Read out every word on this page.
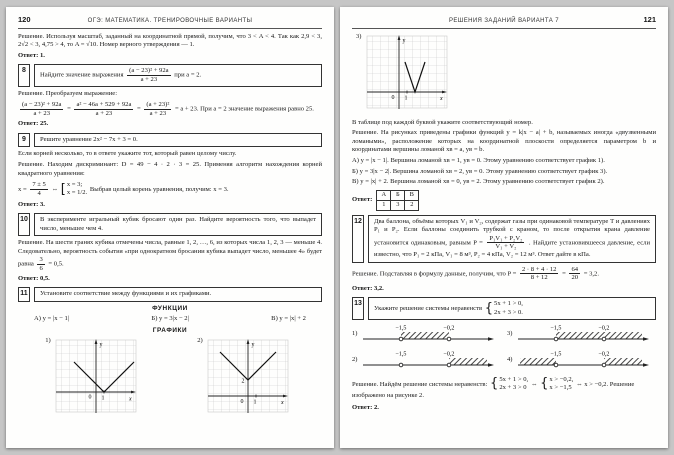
120	ОГЭ: МАТЕМАТИКА. ТРЕНИРОВОЧНЫЕ ВАРИАНТЫ

Решение. Используя масштаб, заданный на координатной прямой, получим, что 3 < A < 4. Так как 2,9 < 3, 2√2 < 3, 4,75 > 4, то A = √10. Номер верного утверждения — 1.

Ответ: 1.

8
Найдите значение выражения $\frac{\text{(a − 23)² + 92a}}{a + 23}$ при a = 2.

Решение. Преобразуем выражение:

$\frac{\text{(a − 23)² + 92a}}{a + 23} = \frac{\text{a² − 46a + 529 + 92a}}{a + 23} = \frac{\text{(a + 23)²}}{a + 23} = a + 23$. При a = 2 значение выражения равно 25.

Ответ: 25.

9	Решите уравнение 2x² − 7x + 3 = 0.

Если корней несколько, то в ответе укажите тот, который равен целому числу.

Решение. Находим дискриминант: D = 49 − 4 · 2 · 3 = 25. Применяя алгоритм нахождения корней квадратного уравнения:

$x = \frac{7 \pm 5}{4}$ ⇔ [ x = 3;
x = 1/2. Выбрав целый корень уравнения, получим: x = 3.

Ответ: 3.

10	В эксперименте игральный кубик бросают один раз. Найдите вероятность того, что выпадет число, меньшее чем 4.

Решение. На шести гранях кубика отмечены числа, равные 1, 2, …, 6, из которых числа 1, 2, 3 — меньше 4. Следовательно, вероятность события «при однократном бросании кубика выпадет число, меньшее 4» будет равна $\frac{3}{6} = 0,5$.

Ответ: 0,5.

11	Установите соответствие между функциями и их графиками.
ФУНКЦИИ
А) y = |x − 1|	Б) y = 3|x − 2|	В) y = |x| + 2
ГРАФИКИ
1)
y
x
0 1
2)
y
x
0 1
2
РЕШЕНИЯ ЗАДАНИЙ ВАРИАНТА 7	121
3)
y
x
0 1

В таблице под каждой буквой укажите соответствующий номер.

Решение. На рисунках приведены графики функций y = k|x − a| + b, называемых иногда «двузвенными ломаными», расположение которых на координатной плоскости определяется параметром b и координатами вершины ломаной xв = a, yв = b.

А) y = |x − 1|. Вершина ломаной xв = 1, yв = 0. Этому уравнению соответствует график 1).

Б) y = 3|x − 2|. Вершина ломаной xв = 2, yв = 0. Этому уравнению соответствует график 3).

В) y = |x| + 2. Вершина ломаной xв = 0, yв = 2. Этому уравнению соответствует график 2).

Ответ:
А	Б	В
1	3	2
12	Два баллона, объёмы которых V₁ и V₂, содержат газы при одинаковой температуре T и давлениях P₁ и P₂. Если баллоны соединить трубкой с краном, то после открытия крана давление установится одинаковым, равным $P = \frac{\text{P₁V₁ + P₂V₂}}{\text{V₁ + V₂}}$ . Найдите установившееся давление, если известно, что P₁ = 2 кПа, V₁ = 8 м³, P₂ = 4 кПа, V₂ = 12 м³. Ответ дайте в кПа.
Решение. Подставляя в формулу данные, получим, что $P = \frac{2 \cdot 8 + 4 \cdot 12}{8 + 12} = \frac{64}{20} = 3,2$.

Ответ: 3,2.

13
Укажите решение системы неравенств { 5x + 1 > 0,
2x + 3 > 0.
1)
−1,5	−0,2
3)
−1,5	−0,2
2)
−1,5	−0,2
4)
−1,5	−0,2
Решение. Найдём решение системы неравенств: { 5x + 1 > 0,
2x + 3 > 0 ⇔ { x > −0,2,
x > −1,5 ⇔ x > −0,2. Решение изображено на рисунке 2.

Ответ: 2.
